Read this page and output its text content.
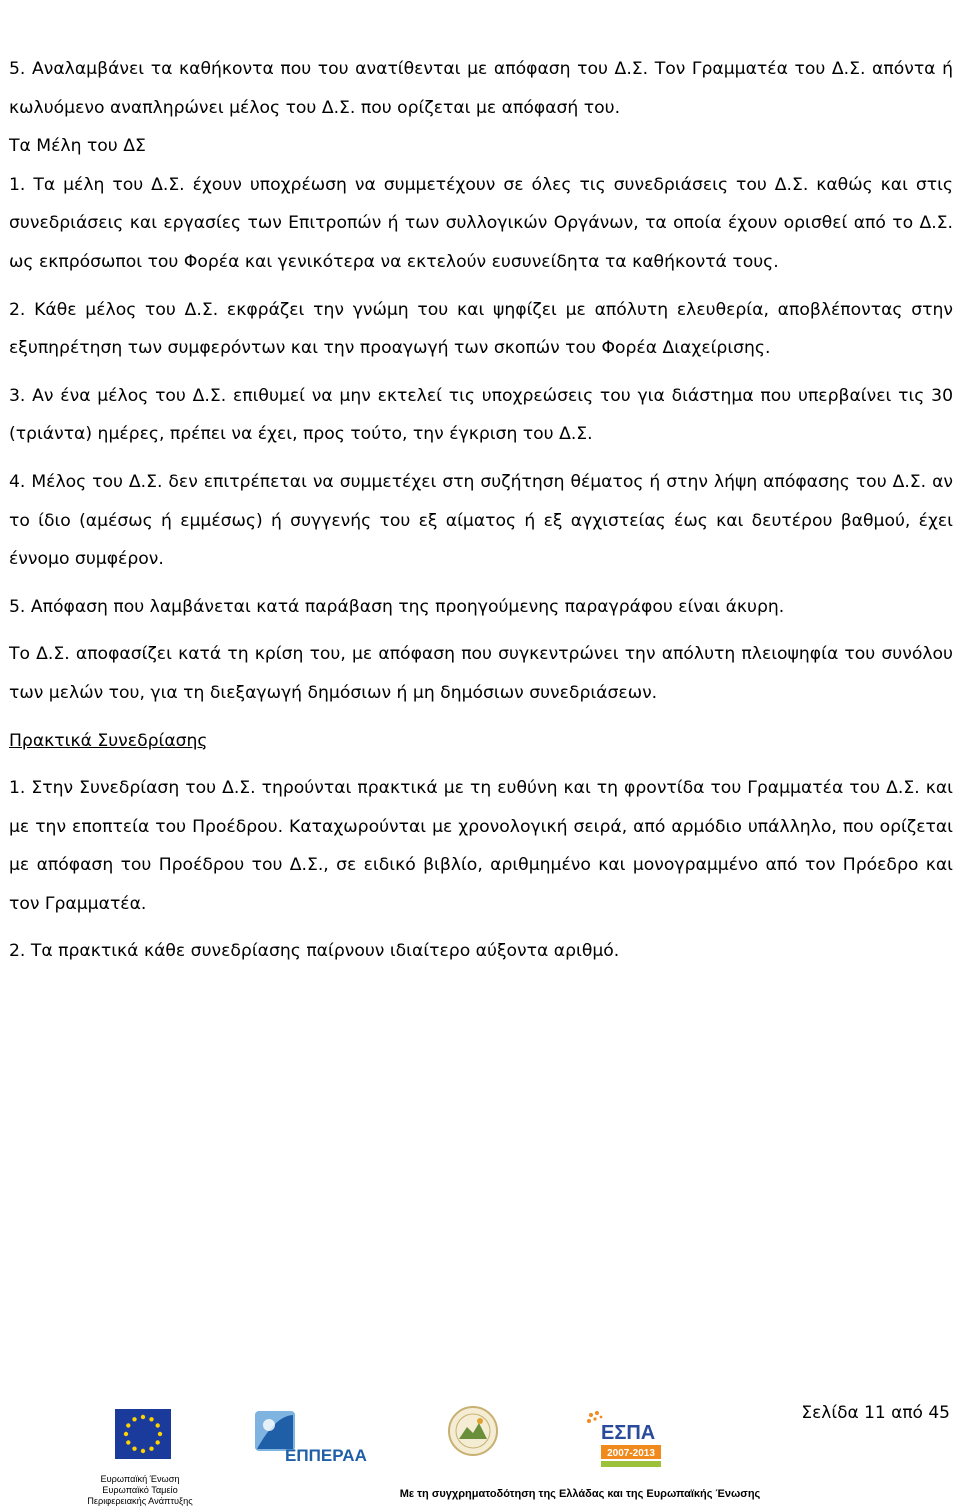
5. Αναλαμβάνει τα καθήκοντα που του ανατίθενται με απόφαση του Δ.Σ. Τον Γραμματέα του Δ.Σ. απόντα ή κωλυόμενο αναπληρώνει μέλος του Δ.Σ. που ορίζεται με απόφασή του.

Τα Μέλη του ΔΣ

1. Τα μέλη του Δ.Σ. έχουν υποχρέωση να συμμετέχουν σε όλες τις συνεδριάσεις του Δ.Σ. καθώς και στις συνεδριάσεις και εργασίες των Επιτροπών ή των συλλογικών Οργάνων, τα οποία έχουν ορισθεί από το Δ.Σ. ως εκπρόσωποι του Φορέα και γενικότερα να εκτελούν ευσυνείδητα τα καθήκοντά τους.

2. Κάθε μέλος του Δ.Σ. εκφράζει την γνώμη του και ψηφίζει με απόλυτη ελευθερία, αποβλέποντας στην εξυπηρέτηση των συμφερόντων και την προαγωγή των σκοπών του Φορέα Διαχείρισης.

3. Αν ένα μέλος του Δ.Σ. επιθυμεί να μην εκτελεί τις υποχρεώσεις του για διάστημα που υπερβαίνει τις 30 (τριάντα) ημέρες, πρέπει να έχει, προς τούτο, την έγκριση του Δ.Σ.

4. Μέλος του Δ.Σ. δεν επιτρέπεται να συμμετέχει στη συζήτηση θέματος ή στην λήψη απόφασης του Δ.Σ. αν το ίδιο (αμέσως ή εμμέσως) ή συγγενής του εξ αίματος ή εξ αγχιστείας έως και δευτέρου βαθμού, έχει έννομο συμφέρον.

5. Απόφαση που λαμβάνεται κατά παράβαση της προηγούμενης παραγράφου είναι άκυρη.

Το Δ.Σ. αποφασίζει κατά τη κρίση του, με απόφαση που συγκεντρώνει την απόλυτη πλειοψηφία του συνόλου των μελών του, για τη διεξαγωγή δημόσιων ή μη δημόσιων συνεδριάσεων.

Πρακτικά Συνεδρίασης

1. Στην Συνεδρίαση του Δ.Σ. τηρούνται πρακτικά με τη ευθύνη και τη φροντίδα του Γραμματέα του Δ.Σ. και με την εποπτεία του Προέδρου. Καταχωρούνται με χρονολογική σειρά, από αρμόδιο υπάλληλο, που ορίζεται με απόφαση του Προέδρου του Δ.Σ., σε ειδικό βιβλίο, αριθμημένο και μονογραμμένο από τον Πρόεδρο και τον Γραμματέα.

2. Τα πρακτικά κάθε συνεδρίασης παίρνουν ιδιαίτερο αύξοντα αριθμό.

Σελίδα 11 από 45
Ευρωπαϊκή Ένωση
Ευρωπαϊκό Ταμείο
Περιφερειακής Ανάπτυξης
ΕΠΠΕΡΑΑ
ΕΣΠΑ
2007-2013
Με τη συγχρηματοδότηση της Ελλάδας και της Ευρωπαϊκής Ένωσης
